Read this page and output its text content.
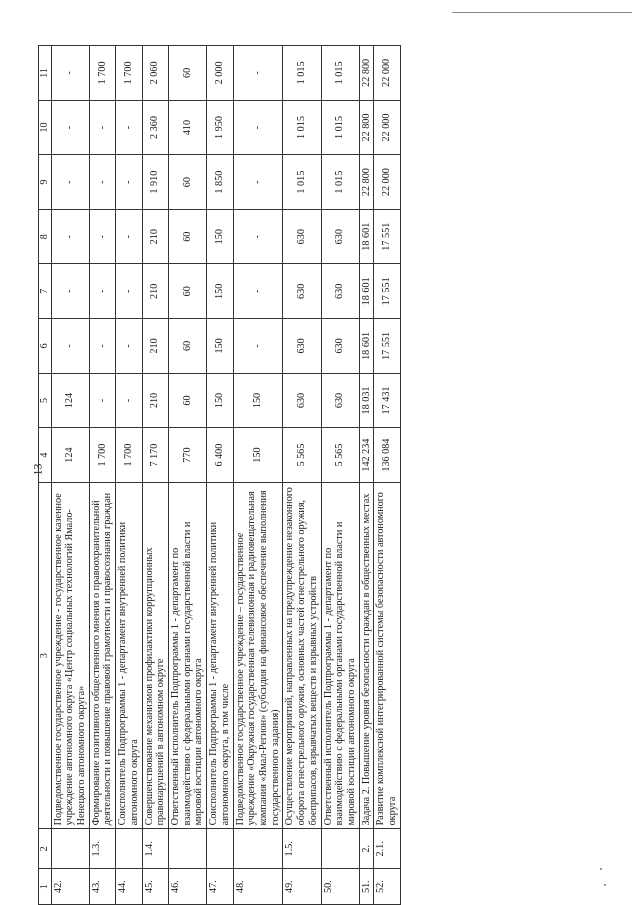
13
1	2	3	4	5	6	7	8	9	10	11
42.		Подведомственное государственное учреждение - государственное казенное учреждение автономного округа «Центр социальных технологий Ямало-Ненецкого автономного округа»	124	124	-	-	-	-	-	-
43.	1.3.	Формирование позитивного общественного мнения о правоохранительной деятельности и повышение правовой грамотности и правосознания граждан	1 700	-	-	-	-	-	-	1 700
44.		Соисполнитель Подпрограммы 1 - департамент внутренней политики автономного округа	1 700	-	-	-	-	-	-	1 700
45.	1.4.	Совершенствование механизмов профилактики коррупционных правонарушений в автономном округе	7 170	210	210	210	210	1 910	2 360	2 060
46.		Ответственный исполнитель Подпрограммы 1 - департамент по взаимодействию с федеральными органами государственной власти и мировой юстиции автономного округа	770	60	60	60	60	60	410	60
47.		Соисполнитель Подпрограммы 1 - департамент внутренней политики автономного округа, в том числе	6 400	150	150	150	150	1 850	1 950	2 000
48.		Подведомственное государственное учреждение – государственное учреждение «Окружная государственная телевизионная и радиовещательная компания «Ямал-Регион» (субсидия на финансовое обеспечение выполнения государственного задания)	150	150	-	-	-	-	-	-
49.	1.5.	Осуществление мероприятий, направленных на предупреждение незаконного оборота огнестрельного оружия, основных частей огнестрельного оружия, боеприпасов, взрывчатых веществ и взрывных устройств	5 565	630	630	630	630	1 015	1 015	1 015
50.		Ответственный исполнитель Подпрограммы 1 - департамент по взаимодействию с федеральными органами государственной власти и мировой юстиции автономного округа	5 565	630	630	630	630	1 015	1 015	1 015
51.	2.	Задача 2. Повышение уровня безопасности граждан в общественных местах	142 234	18 031	18 601	18 601	18 601	22 800	22 800	22 800
52.	2.1.	Развитие комплексной интегрированной системы безопасности автономного округа	136 084	17 431	17 551	17 551	17 551	22 000	22 000	22 000
